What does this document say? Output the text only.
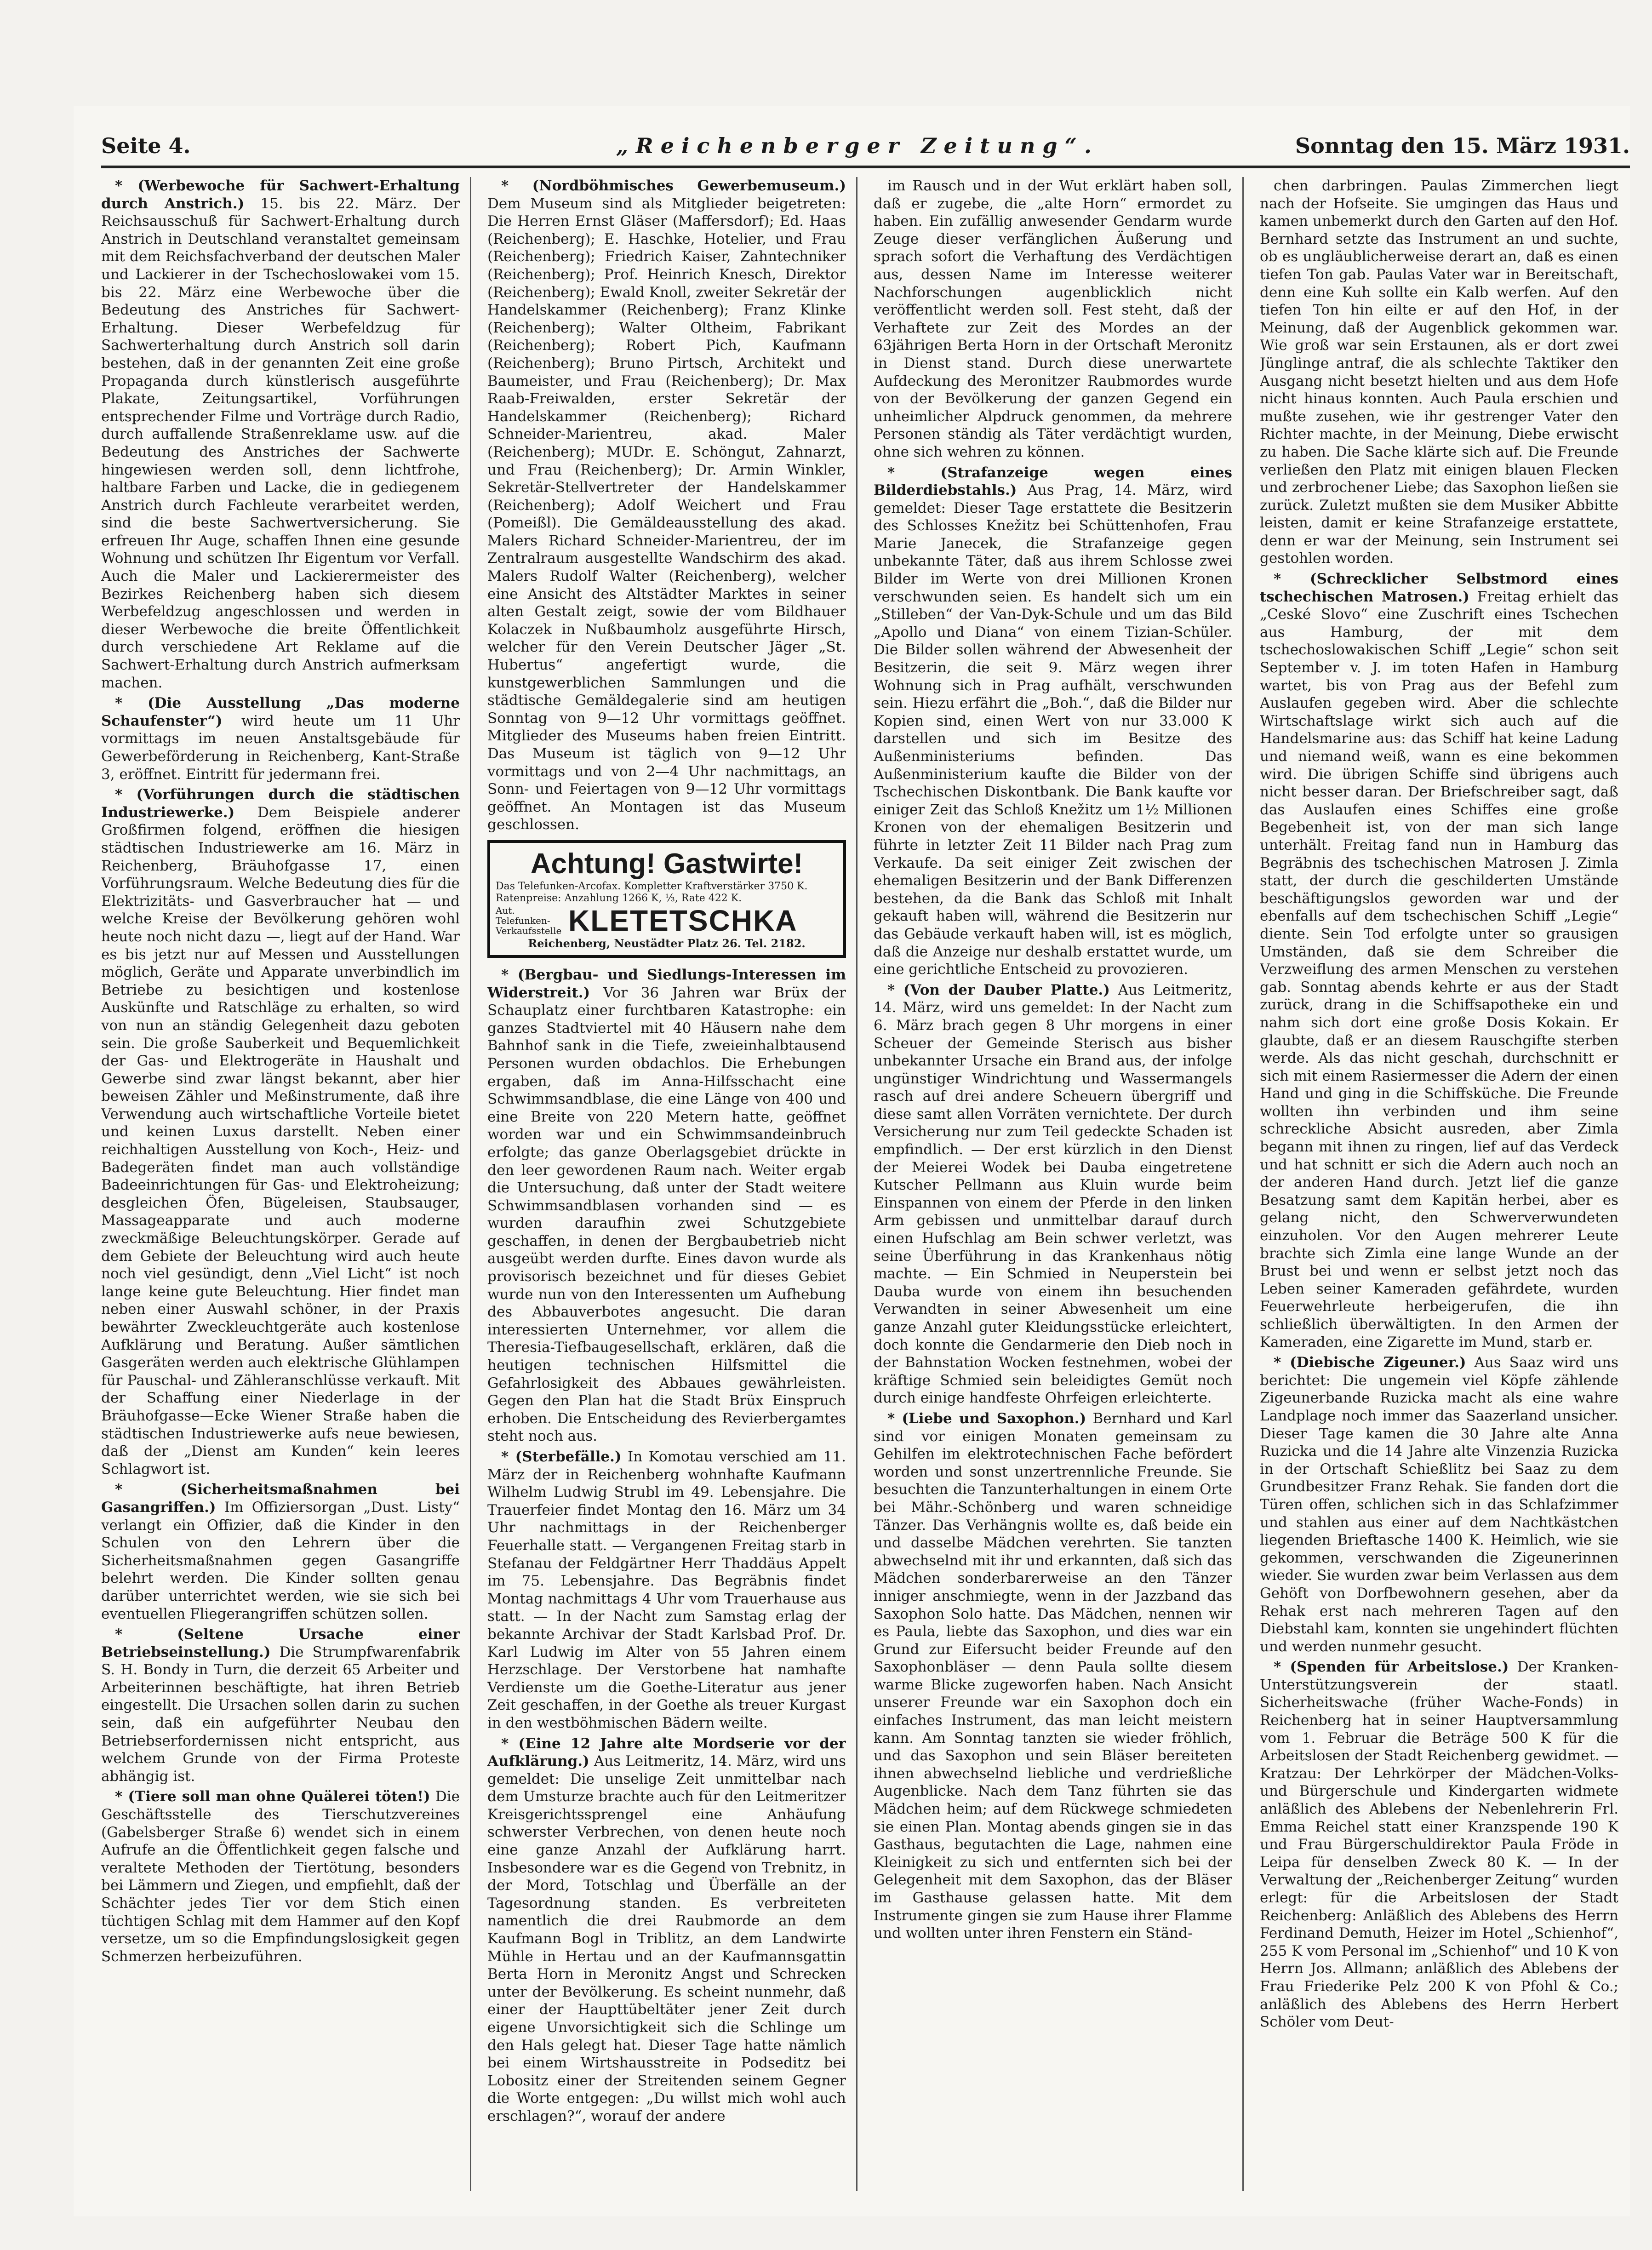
Seite 4.	„Reichenberger Zeitung“.	Sonntag den 15. März 1931.

* (Werbewoche für Sachwert-Erhaltung durch Anstrich.) 15. bis 22. März. Der Reichsausschuß für Sachwert-Erhaltung durch Anstrich in Deutschland veranstaltet gemeinsam mit dem Reichsfachverband der deutschen Maler und Lackierer in der Tschechoslowakei vom 15. bis 22. März eine Werbewoche über die Bedeutung des Anstriches für Sachwert-Erhaltung. Dieser Werbefeldzug für Sachwerterhaltung durch Anstrich soll darin bestehen, daß in der genannten Zeit eine große Propaganda durch künstlerisch ausgeführte Plakate, Zeitungsartikel, Vorführungen entsprechender Filme und Vorträge durch Radio, durch auffallende Straßenreklame usw. auf die Bedeutung des Anstriches der Sachwerte hingewiesen werden soll, denn lichtfrohe, haltbare Farben und Lacke, die in gediegenem Anstrich durch Fachleute verarbeitet werden, sind die beste Sachwertversicherung. Sie erfreuen Ihr Auge, schaffen Ihnen eine gesunde Wohnung und schützen Ihr Eigentum vor Verfall. Auch die Maler und Lackierermeister des Bezirkes Reichenberg haben sich diesem Werbefeldzug angeschlossen und werden in dieser Werbewoche die breite Öffentlichkeit durch verschiedene Art Reklame auf die Sachwert-Erhaltung durch Anstrich aufmerksam machen.

* (Die Ausstellung „Das moderne Schaufenster“) wird heute um 11 Uhr vormittags im neuen Anstaltsgebäude für Gewerbeförderung in Reichenberg, Kant-Straße 3, eröffnet. Eintritt für jedermann frei.

* (Vorführungen durch die städtischen Industriewerke.) Dem Beispiele anderer Großfirmen folgend, eröffnen die hiesigen städtischen Industriewerke am 16. März in Reichenberg, Bräuhofgasse 17, einen Vorführungsraum. Welche Bedeutung dies für die Elektrizitäts- und Gasverbraucher hat — und welche Kreise der Bevölkerung gehören wohl heute noch nicht dazu —, liegt auf der Hand. War es bis jetzt nur auf Messen und Ausstellungen möglich, Geräte und Apparate unverbindlich im Betriebe zu besichtigen und kostenlose Auskünfte und Ratschläge zu erhalten, so wird von nun an ständig Gelegenheit dazu geboten sein. Die große Sauberkeit und Bequemlichkeit der Gas- und Elektrogeräte in Haushalt und Gewerbe sind zwar längst bekannt, aber hier beweisen Zähler und Meßinstrumente, daß ihre Verwendung auch wirtschaftliche Vorteile bietet und keinen Luxus darstellt. Neben einer reichhaltigen Ausstellung von Koch-, Heiz- und Badegeräten findet man auch vollständige Badeeinrichtungen für Gas- und Elektroheizung; desgleichen Öfen, Bügeleisen, Staubsauger, Massageapparate und auch moderne zweckmäßige Beleuchtungskörper. Gerade auf dem Gebiete der Beleuchtung wird auch heute noch viel gesündigt, denn „Viel Licht“ ist noch lange keine gute Beleuchtung. Hier findet man neben einer Auswahl schöner, in der Praxis bewährter Zweckleuchtgeräte auch kostenlose Aufklärung und Beratung. Außer sämtlichen Gasgeräten werden auch elektrische Glühlampen für Pauschal- und Zähleranschlüsse verkauft. Mit der Schaffung einer Niederlage in der Bräuhofgasse—Ecke Wiener Straße haben die städtischen Industriewerke aufs neue bewiesen, daß der „Dienst am Kunden“ kein leeres Schlagwort ist.

* (Sicherheitsmaßnahmen bei Gasangriffen.) Im Offiziersorgan „Dust. Listy“ verlangt ein Offizier, daß die Kinder in den Schulen von den Lehrern über die Sicherheitsmaßnahmen gegen Gasangriffe belehrt werden. Die Kinder sollten genau darüber unterrichtet werden, wie sie sich bei eventuellen Fliegerangriffen schützen sollen.

* (Seltene Ursache einer Betriebseinstellung.) Die Strumpfwarenfabrik S. H. Bondy in Turn, die derzeit 65 Arbeiter und Arbeiterinnen beschäftigte, hat ihren Betrieb eingestellt. Die Ursachen sollen darin zu suchen sein, daß ein aufgeführter Neubau den Betriebserfordernissen nicht entspricht, aus welchem Grunde von der Firma Proteste abhängig ist.

* (Tiere soll man ohne Quälerei töten!) Die Geschäftsstelle des Tierschutzvereines (Gabelsberger Straße 6) wendet sich in einem Aufrufe an die Öffentlichkeit gegen falsche und veraltete Methoden der Tiertötung, besonders bei Lämmern und Ziegen, und empfiehlt, daß der Schächter jedes Tier vor dem Stich einen tüchtigen Schlag mit dem Hammer auf den Kopf versetze, um so die Empfindungslosigkeit gegen Schmerzen herbeizuführen.

* (Nordböhmisches Gewerbemuseum.) Dem Museum sind als Mitglieder beigetreten: Die Herren Ernst Gläser (Maffersdorf); Ed. Haas (Reichenberg); E. Haschke, Hotelier, und Frau (Reichenberg); Friedrich Kaiser, Zahntechniker (Reichenberg); Prof. Heinrich Knesch, Direktor (Reichenberg); Ewald Knoll, zweiter Sekretär der Handelskammer (Reichenberg); Franz Klinke (Reichenberg); Walter Oltheim, Fabrikant (Reichenberg); Robert Pich, Kaufmann (Reichenberg); Bruno Pirtsch, Architekt und Baumeister, und Frau (Reichenberg); Dr. Max Raab-Freiwalden, erster Sekretär der Handelskammer (Reichenberg); Richard Schneider-Marientreu, akad. Maler (Reichenberg); MUDr. E. Schöngut, Zahnarzt, und Frau (Reichenberg); Dr. Armin Winkler, Sekretär-Stellvertreter der Handelskammer (Reichenberg); Adolf Weichert und Frau (Pomeißl). Die Gemäldeausstellung des akad. Malers Richard Schneider-Marientreu, der im Zentralraum ausgestellte Wandschirm des akad. Malers Rudolf Walter (Reichenberg), welcher eine Ansicht des Altstädter Marktes in seiner alten Gestalt zeigt, sowie der vom Bildhauer Kolaczek in Nußbaumholz ausgeführte Hirsch, welcher für den Verein Deutscher Jäger „St. Hubertus“ angefertigt wurde, die kunstgewerblichen Sammlungen und die städtische Gemäldegalerie sind am heutigen Sonntag von 9—12 Uhr vormittags geöffnet. Mitglieder des Museums haben freien Eintritt. Das Museum ist täglich von 9—12 Uhr vormittags und von 2—4 Uhr nachmittags, an Sonn- und Feiertagen von 9—12 Uhr vormittags geöffnet. An Montagen ist das Museum geschlossen.

Achtung! Gastwirte!
Das Telefunken-Arcofax. Kompletter Kraftverstärker 3750 K. Ratenpreise: Anzahlung 1266 K, ⅓, Rate 422 K.
Aut. Telefunken-Verkaufsstelle KLETETSCHKA
Reichenberg, Neustädter Platz 26. Tel. 2182.

* (Bergbau- und Siedlungs-Interessen im Widerstreit.) Vor 36 Jahren war Brüx der Schauplatz einer furchtbaren Katastrophe: ein ganzes Stadtviertel mit 40 Häusern nahe dem Bahnhof sank in die Tiefe, zweieinhalbtausend Personen wurden obdachlos. Die Erhebungen ergaben, daß im Anna-Hilfsschacht eine Schwimmsandblase, die eine Länge von 400 und eine Breite von 220 Metern hatte, geöffnet worden war und ein Schwimmsandeinbruch erfolgte; das ganze Oberlagsgebiet drückte in den leer gewordenen Raum nach. Weiter ergab die Untersuchung, daß unter der Stadt weitere Schwimmsandblasen vorhanden sind — es wurden daraufhin zwei Schutzgebiete geschaffen, in denen der Bergbaubetrieb nicht ausgeübt werden durfte. Eines davon wurde als provisorisch bezeichnet und für dieses Gebiet wurde nun von den Interessenten um Aufhebung des Abbauverbotes angesucht. Die daran interessierten Unternehmer, vor allem die Theresia-Tiefbaugesellschaft, erklären, daß die heutigen technischen Hilfsmittel die Gefahrlosigkeit des Abbaues gewährleisten. Gegen den Plan hat die Stadt Brüx Einspruch erhoben. Die Entscheidung des Revierbergamtes steht noch aus.

* (Sterbefälle.) In Komotau verschied am 11. März der in Reichenberg wohnhafte Kaufmann Wilhelm Ludwig Strubl im 49. Lebensjahre. Die Trauerfeier findet Montag den 16. März um 34 Uhr nachmittags in der Reichenberger Feuerhalle statt. — Vergangenen Freitag starb in Stefanau der Feldgärtner Herr Thaddäus Appelt im 75. Lebensjahre. Das Begräbnis findet Montag nachmittags 4 Uhr vom Trauerhause aus statt. — In der Nacht zum Samstag erlag der bekannte Archivar der Stadt Karlsbad Prof. Dr. Karl Ludwig im Alter von 55 Jahren einem Herzschlage. Der Verstorbene hat namhafte Verdienste um die Goethe-Literatur aus jener Zeit geschaffen, in der Goethe als treuer Kurgast in den westböhmischen Bädern weilte.

* (Eine 12 Jahre alte Mordserie vor der Aufklärung.) Aus Leitmeritz, 14. März, wird uns gemeldet: Die unselige Zeit unmittelbar nach dem Umsturze brachte auch für den Leitmeritzer Kreisgerichtssprengel eine Anhäufung schwerster Verbrechen, von denen heute noch eine ganze Anzahl der Aufklärung harrt. Insbesondere war es die Gegend von Trebnitz, in der Mord, Totschlag und Überfälle an der Tagesordnung standen. Es verbreiteten namentlich die drei Raubmorde an dem Kaufmann Bogl in Triblitz, an dem Landwirte Mühle in Hertau und an der Kaufmannsgattin Berta Horn in Meronitz Angst und Schrecken unter der Bevölkerung. Es scheint nunmehr, daß einer der Haupttübeltäter jener Zeit durch eigene Unvorsichtigkeit sich die Schlinge um den Hals gelegt hat. Dieser Tage hatte nämlich bei einem Wirtshausstreite in Podseditz bei Lobositz einer der Streitenden seinem Gegner die Worte entgegen: „Du willst mich wohl auch erschlagen?“, worauf der andere

im Rausch und in der Wut erklärt haben soll, daß er zugebe, die „alte Horn“ ermordet zu haben. Ein zufällig anwesender Gendarm wurde Zeuge dieser verfänglichen Äußerung und sprach sofort die Verhaftung des Verdächtigen aus, dessen Name im Interesse weiterer Nachforschungen augenblicklich nicht veröffentlicht werden soll. Fest steht, daß der Verhaftete zur Zeit des Mordes an der 63jährigen Berta Horn in der Ortschaft Meronitz in Dienst stand. Durch diese unerwartete Aufdeckung des Meronitzer Raubmordes wurde von der Bevölkerung der ganzen Gegend ein unheimlicher Alpdruck genommen, da mehrere Personen ständig als Täter verdächtigt wurden, ohne sich wehren zu können.

* (Strafanzeige wegen eines Bilderdiebstahls.) Aus Prag, 14. März, wird gemeldet: Dieser Tage erstattete die Besitzerin des Schlosses Knežitz bei Schüttenhofen, Frau Marie Janecek, die Strafanzeige gegen unbekannte Täter, daß aus ihrem Schlosse zwei Bilder im Werte von drei Millionen Kronen verschwunden seien. Es handelt sich um ein „Stilleben“ der Van-Dyk-Schule und um das Bild „Apollo und Diana“ von einem Tizian-Schüler. Die Bilder sollen während der Abwesenheit der Besitzerin, die seit 9. März wegen ihrer Wohnung sich in Prag aufhält, verschwunden sein. Hiezu erfährt die „Boh.“, daß die Bilder nur Kopien sind, einen Wert von nur 33.000 K darstellen und sich im Besitze des Außenministeriums befinden. Das Außenministerium kaufte die Bilder von der Tschechischen Diskontbank. Die Bank kaufte vor einiger Zeit das Schloß Knežitz um 1½ Millionen Kronen von der ehemaligen Besitzerin und führte in letzter Zeit 11 Bilder nach Prag zum Verkaufe. Da seit einiger Zeit zwischen der ehemaligen Besitzerin und der Bank Differenzen bestehen, da die Bank das Schloß mit Inhalt gekauft haben will, während die Besitzerin nur das Gebäude verkauft haben will, ist es möglich, daß die Anzeige nur deshalb erstattet wurde, um eine gerichtliche Entscheid zu provozieren.

* (Von der Dauber Platte.) Aus Leitmeritz, 14. März, wird uns gemeldet: In der Nacht zum 6. März brach gegen 8 Uhr morgens in einer Scheuer der Gemeinde Sterisch aus bisher unbekannter Ursache ein Brand aus, der infolge ungünstiger Windrichtung und Wassermangels rasch auf drei andere Scheuern übergriff und diese samt allen Vorräten vernichtete. Der durch Versicherung nur zum Teil gedeckte Schaden ist empfindlich. — Der erst kürzlich in den Dienst der Meierei Wodek bei Dauba eingetretene Kutscher Pellmann aus Kluin wurde beim Einspannen von einem der Pferde in den linken Arm gebissen und unmittelbar darauf durch einen Hufschlag am Bein schwer verletzt, was seine Überführung in das Krankenhaus nötig machte. — Ein Schmied in Neuperstein bei Dauba wurde von einem ihn besuchenden Verwandten in seiner Abwesenheit um eine ganze Anzahl guter Kleidungsstücke erleichtert, doch konnte die Gendarmerie den Dieb noch in der Bahnstation Wocken festnehmen, wobei der kräftige Schmied sein beleidigtes Gemüt noch durch einige handfeste Ohrfeigen erleichterte.

* (Liebe und Saxophon.) Bernhard und Karl sind vor einigen Monaten gemeinsam zu Gehilfen im elektrotechnischen Fache befördert worden und sonst unzertrennliche Freunde. Sie besuchten die Tanzunterhaltungen in einem Orte bei Mähr.-Schönberg und waren schneidige Tänzer. Das Verhängnis wollte es, daß beide ein und dasselbe Mädchen verehrten. Sie tanzten abwechselnd mit ihr und erkannten, daß sich das Mädchen sonderbarerweise an den Tänzer inniger anschmiegte, wenn in der Jazzband das Saxophon Solo hatte. Das Mädchen, nennen wir es Paula, liebte das Saxophon, und dies war ein Grund zur Eifersucht beider Freunde auf den Saxophonbläser — denn Paula sollte diesem warme Blicke zugeworfen haben. Nach Ansicht unserer Freunde war ein Saxophon doch ein einfaches Instrument, das man leicht meistern kann. Am Sonntag tanzten sie wieder fröhlich, und das Saxophon und sein Bläser bereiteten ihnen abwechselnd liebliche und verdrießliche Augenblicke. Nach dem Tanz führten sie das Mädchen heim; auf dem Rückwege schmiedeten sie einen Plan. Montag abends gingen sie in das Gasthaus, begutachten die Lage, nahmen eine Kleinigkeit zu sich und entfernten sich bei der Gelegenheit mit dem Saxophon, das der Bläser im Gasthause gelassen hatte. Mit dem Instrumente gingen sie zum Hause ihrer Flamme und wollten unter ihren Fenstern ein Ständ-

chen darbringen. Paulas Zimmerchen liegt nach der Hofseite. Sie umgingen das Haus und kamen unbemerkt durch den Garten auf den Hof. Bernhard setzte das Instrument an und suchte, ob es ungläublicherweise derart an, daß es einen tiefen Ton gab. Paulas Vater war in Bereitschaft, denn eine Kuh sollte ein Kalb werfen. Auf den tiefen Ton hin eilte er auf den Hof, in der Meinung, daß der Augenblick gekommen war. Wie groß war sein Erstaunen, als er dort zwei Jünglinge antraf, die als schlechte Taktiker den Ausgang nicht besetzt hielten und aus dem Hofe nicht hinaus konnten. Auch Paula erschien und mußte zusehen, wie ihr gestrenger Vater den Richter machte, in der Meinung, Diebe erwischt zu haben. Die Sache klärte sich auf. Die Freunde verließen den Platz mit einigen blauen Flecken und zerbrochener Liebe; das Saxophon ließen sie zurück. Zuletzt mußten sie dem Musiker Abbitte leisten, damit er keine Strafanzeige erstattete, denn er war der Meinung, sein Instrument sei gestohlen worden.

* (Schrecklicher Selbstmord eines tschechischen Matrosen.) Freitag erhielt das „Ceské Slovo“ eine Zuschrift eines Tschechen aus Hamburg, der mit dem tschechoslowakischen Schiff „Legie“ schon seit September v. J. im toten Hafen in Hamburg wartet, bis von Prag aus der Befehl zum Auslaufen gegeben wird. Aber die schlechte Wirtschaftslage wirkt sich auch auf die Handelsmarine aus: das Schiff hat keine Ladung und niemand weiß, wann es eine bekommen wird. Die übrigen Schiffe sind übrigens auch nicht besser daran. Der Briefschreiber sagt, daß das Auslaufen eines Schiffes eine große Begebenheit ist, von der man sich lange unterhält. Freitag fand nun in Hamburg das Begräbnis des tschechischen Matrosen J. Zimla statt, der durch die geschilderten Umstände beschäftigungslos geworden war und der ebenfalls auf dem tschechischen Schiff „Legie“ diente. Sein Tod erfolgte unter so grausigen Umständen, daß sie dem Schreiber die Verzweiflung des armen Menschen zu verstehen gab. Sonntag abends kehrte er aus der Stadt zurück, drang in die Schiffsapotheke ein und nahm sich dort eine große Dosis Kokain. Er glaubte, daß er an diesem Rauschgifte sterben werde. Als das nicht geschah, durchschnitt er sich mit einem Rasiermesser die Adern der einen Hand und ging in die Schiffsküche. Die Freunde wollten ihn verbinden und ihm seine schreckliche Absicht ausreden, aber Zimla begann mit ihnen zu ringen, lief auf das Verdeck und hat schnitt er sich die Adern auch noch an der anderen Hand durch. Jetzt lief die ganze Besatzung samt dem Kapitän herbei, aber es gelang nicht, den Schwerverwundeten einzuholen. Vor den Augen mehrerer Leute brachte sich Zimla eine lange Wunde an der Brust bei und wenn er selbst jetzt noch das Leben seiner Kameraden gefährdete, wurden Feuerwehrleute herbeigerufen, die ihn schließlich überwältigten. In den Armen der Kameraden, eine Zigarette im Mund, starb er.

* (Diebische Zigeuner.) Aus Saaz wird uns berichtet: Die ungemein viel Köpfe zählende Zigeunerbande Ruzicka macht als eine wahre Landplage noch immer das Saazerland unsicher. Dieser Tage kamen die 30 Jahre alte Anna Ruzicka und die 14 Jahre alte Vinzenzia Ruzicka in der Ortschaft Schießlitz bei Saaz zu dem Grundbesitzer Franz Rehak. Sie fanden dort die Türen offen, schlichen sich in das Schlafzimmer und stahlen aus einer auf dem Nachtkästchen liegenden Brieftasche 1400 K. Heimlich, wie sie gekommen, verschwanden die Zigeunerinnen wieder. Sie wurden zwar beim Verlassen aus dem Gehöft von Dorfbewohnern gesehen, aber da Rehak erst nach mehreren Tagen auf den Diebstahl kam, konnten sie ungehindert flüchten und werden nunmehr gesucht.

* (Spenden für Arbeitslose.) Der Kranken-Unterstützungsverein der staatl. Sicherheitswache (früher Wache-Fonds) in Reichenberg hat in seiner Hauptversammlung vom 1. Februar die Beträge 500 K für die Arbeitslosen der Stadt Reichenberg gewidmet. — Kratzau: Der Lehrkörper der Mädchen-Volks- und Bürgerschule und Kindergarten widmete anläßlich des Ablebens der Nebenlehrerin Frl. Emma Reichel statt einer Kranzspende 190 K und Frau Bürgerschuldirektor Paula Fröde in Leipa für denselben Zweck 80 K. — In der Verwaltung der „Reichenberger Zeitung“ wurden erlegt: für die Arbeitslosen der Stadt Reichenberg: Anläßlich des Ablebens des Herrn Ferdinand Demuth, Heizer im Hotel „Schienhof“, 255 K vom Personal im „Schienhof“ und 10 K von Herrn Jos. Allmann; anläßlich des Ablebens der Frau Friederike Pelz 200 K von Pfohl & Co.; anläßlich des Ablebens des Herrn Herbert Schöler vom Deut-
